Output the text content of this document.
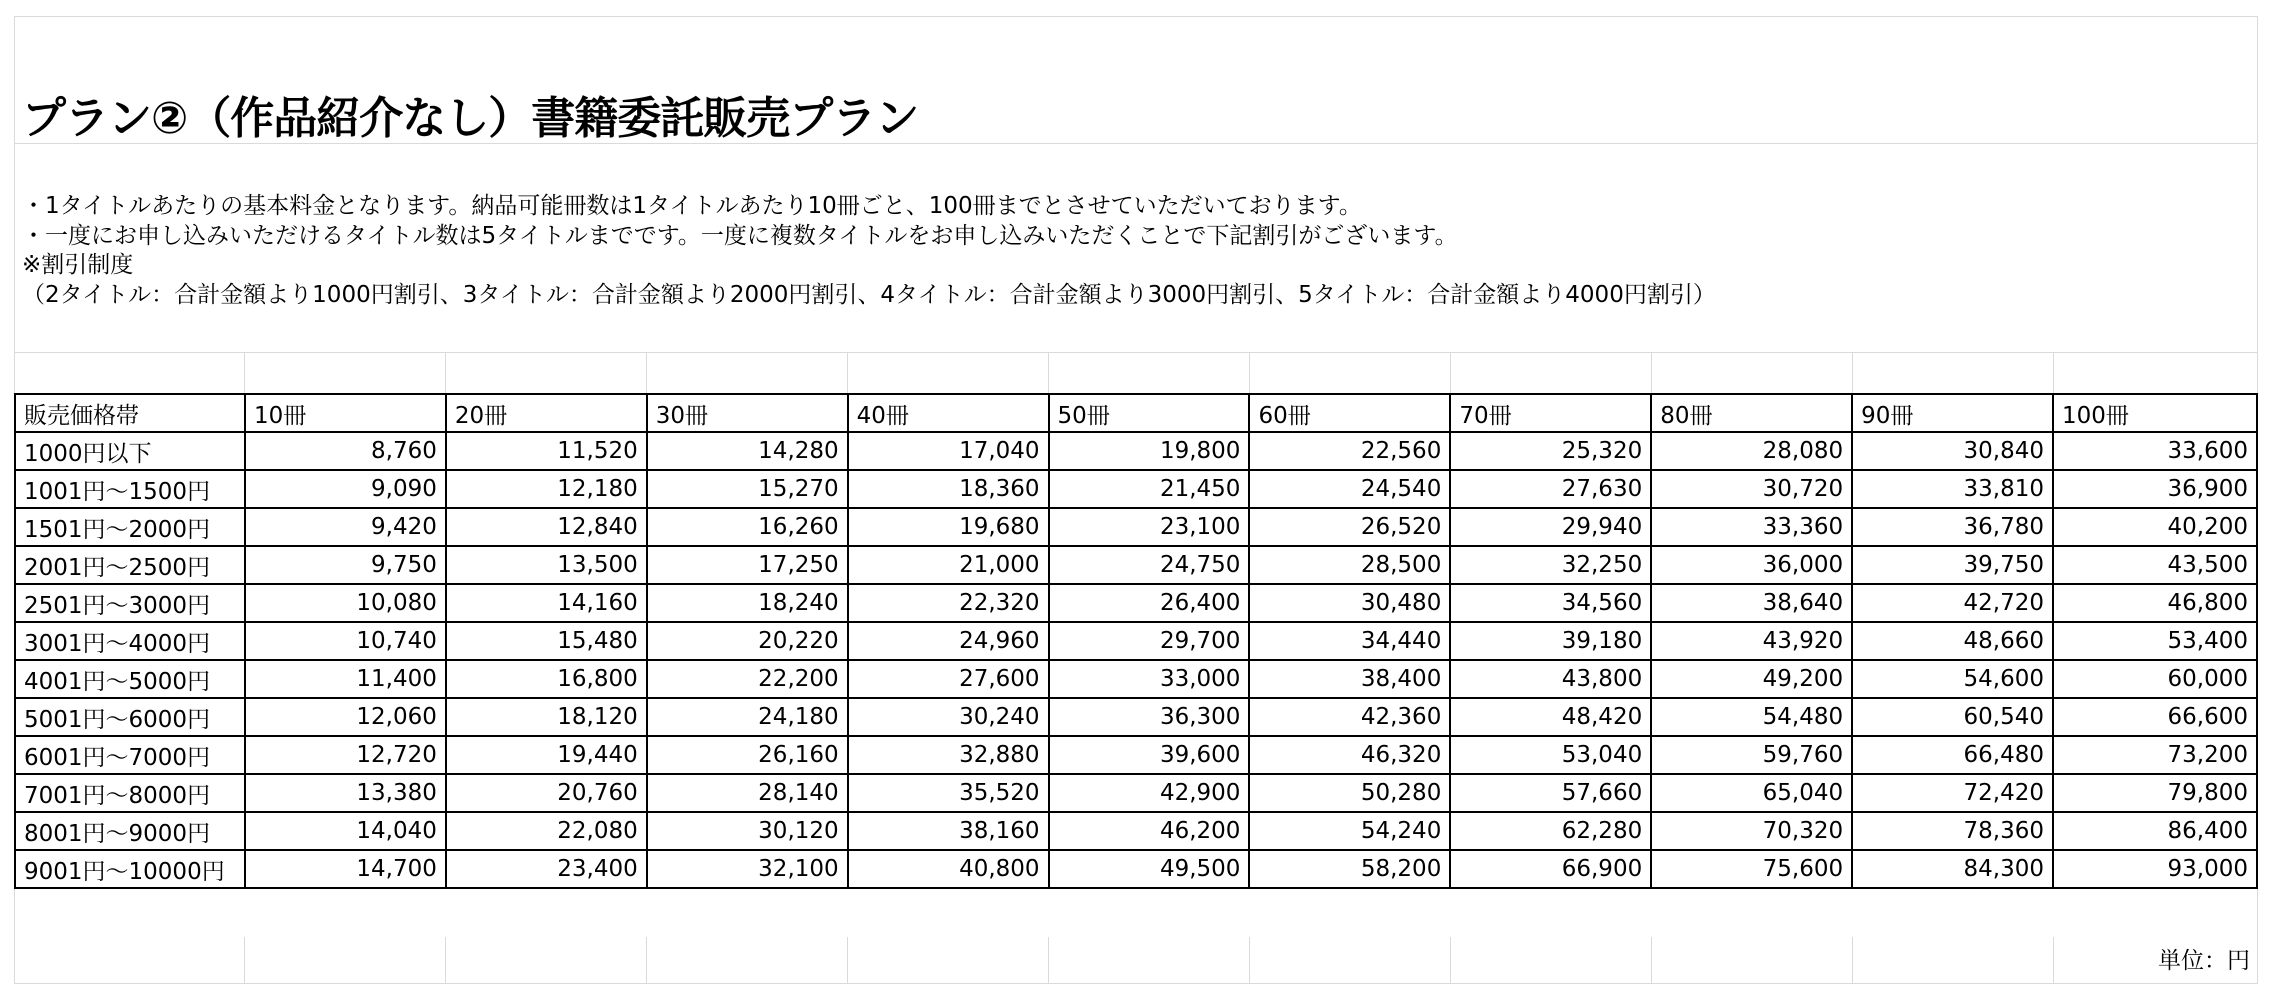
プラン②（作品紹介なし）書籍委託販売プラン
・1タイトルあたりの基本料金となります。納品可能冊数は1タイトルあたり10冊ごと、100冊までとさせていただいております。
・一度にお申し込みいただけるタイトル数は5タイトルまでです。一度に複数タイトルをお申し込みいただくことで下記割引がございます。
※割引制度
（2タイトル：合計金額より1000円割引、3タイトル：合計金額より2000円割引、4タイトル：合計金額より3000円割引、5タイトル：合計金額より4000円割引）
販売価格帯	10冊	20冊	30冊	40冊	50冊	60冊	70冊	80冊	90冊	100冊
1000円以下	8,760	11,520	14,280	17,040	19,800	22,560	25,320	28,080	30,840	33,600
1001円～1500円	9,090	12,180	15,270	18,360	21,450	24,540	27,630	30,720	33,810	36,900
1501円～2000円	9,420	12,840	16,260	19,680	23,100	26,520	29,940	33,360	36,780	40,200
2001円～2500円	9,750	13,500	17,250	21,000	24,750	28,500	32,250	36,000	39,750	43,500
2501円～3000円	10,080	14,160	18,240	22,320	26,400	30,480	34,560	38,640	42,720	46,800
3001円～4000円	10,740	15,480	20,220	24,960	29,700	34,440	39,180	43,920	48,660	53,400
4001円～5000円	11,400	16,800	22,200	27,600	33,000	38,400	43,800	49,200	54,600	60,000
5001円～6000円	12,060	18,120	24,180	30,240	36,300	42,360	48,420	54,480	60,540	66,600
6001円～7000円	12,720	19,440	26,160	32,880	39,600	46,320	53,040	59,760	66,480	73,200
7001円～8000円	13,380	20,760	28,140	35,520	42,900	50,280	57,660	65,040	72,420	79,800
8001円～9000円	14,040	22,080	30,120	38,160	46,200	54,240	62,280	70,320	78,360	86,400
9001円～10000円	14,700	23,400	32,100	40,800	49,500	58,200	66,900	75,600	84,300	93,000
単位：円
